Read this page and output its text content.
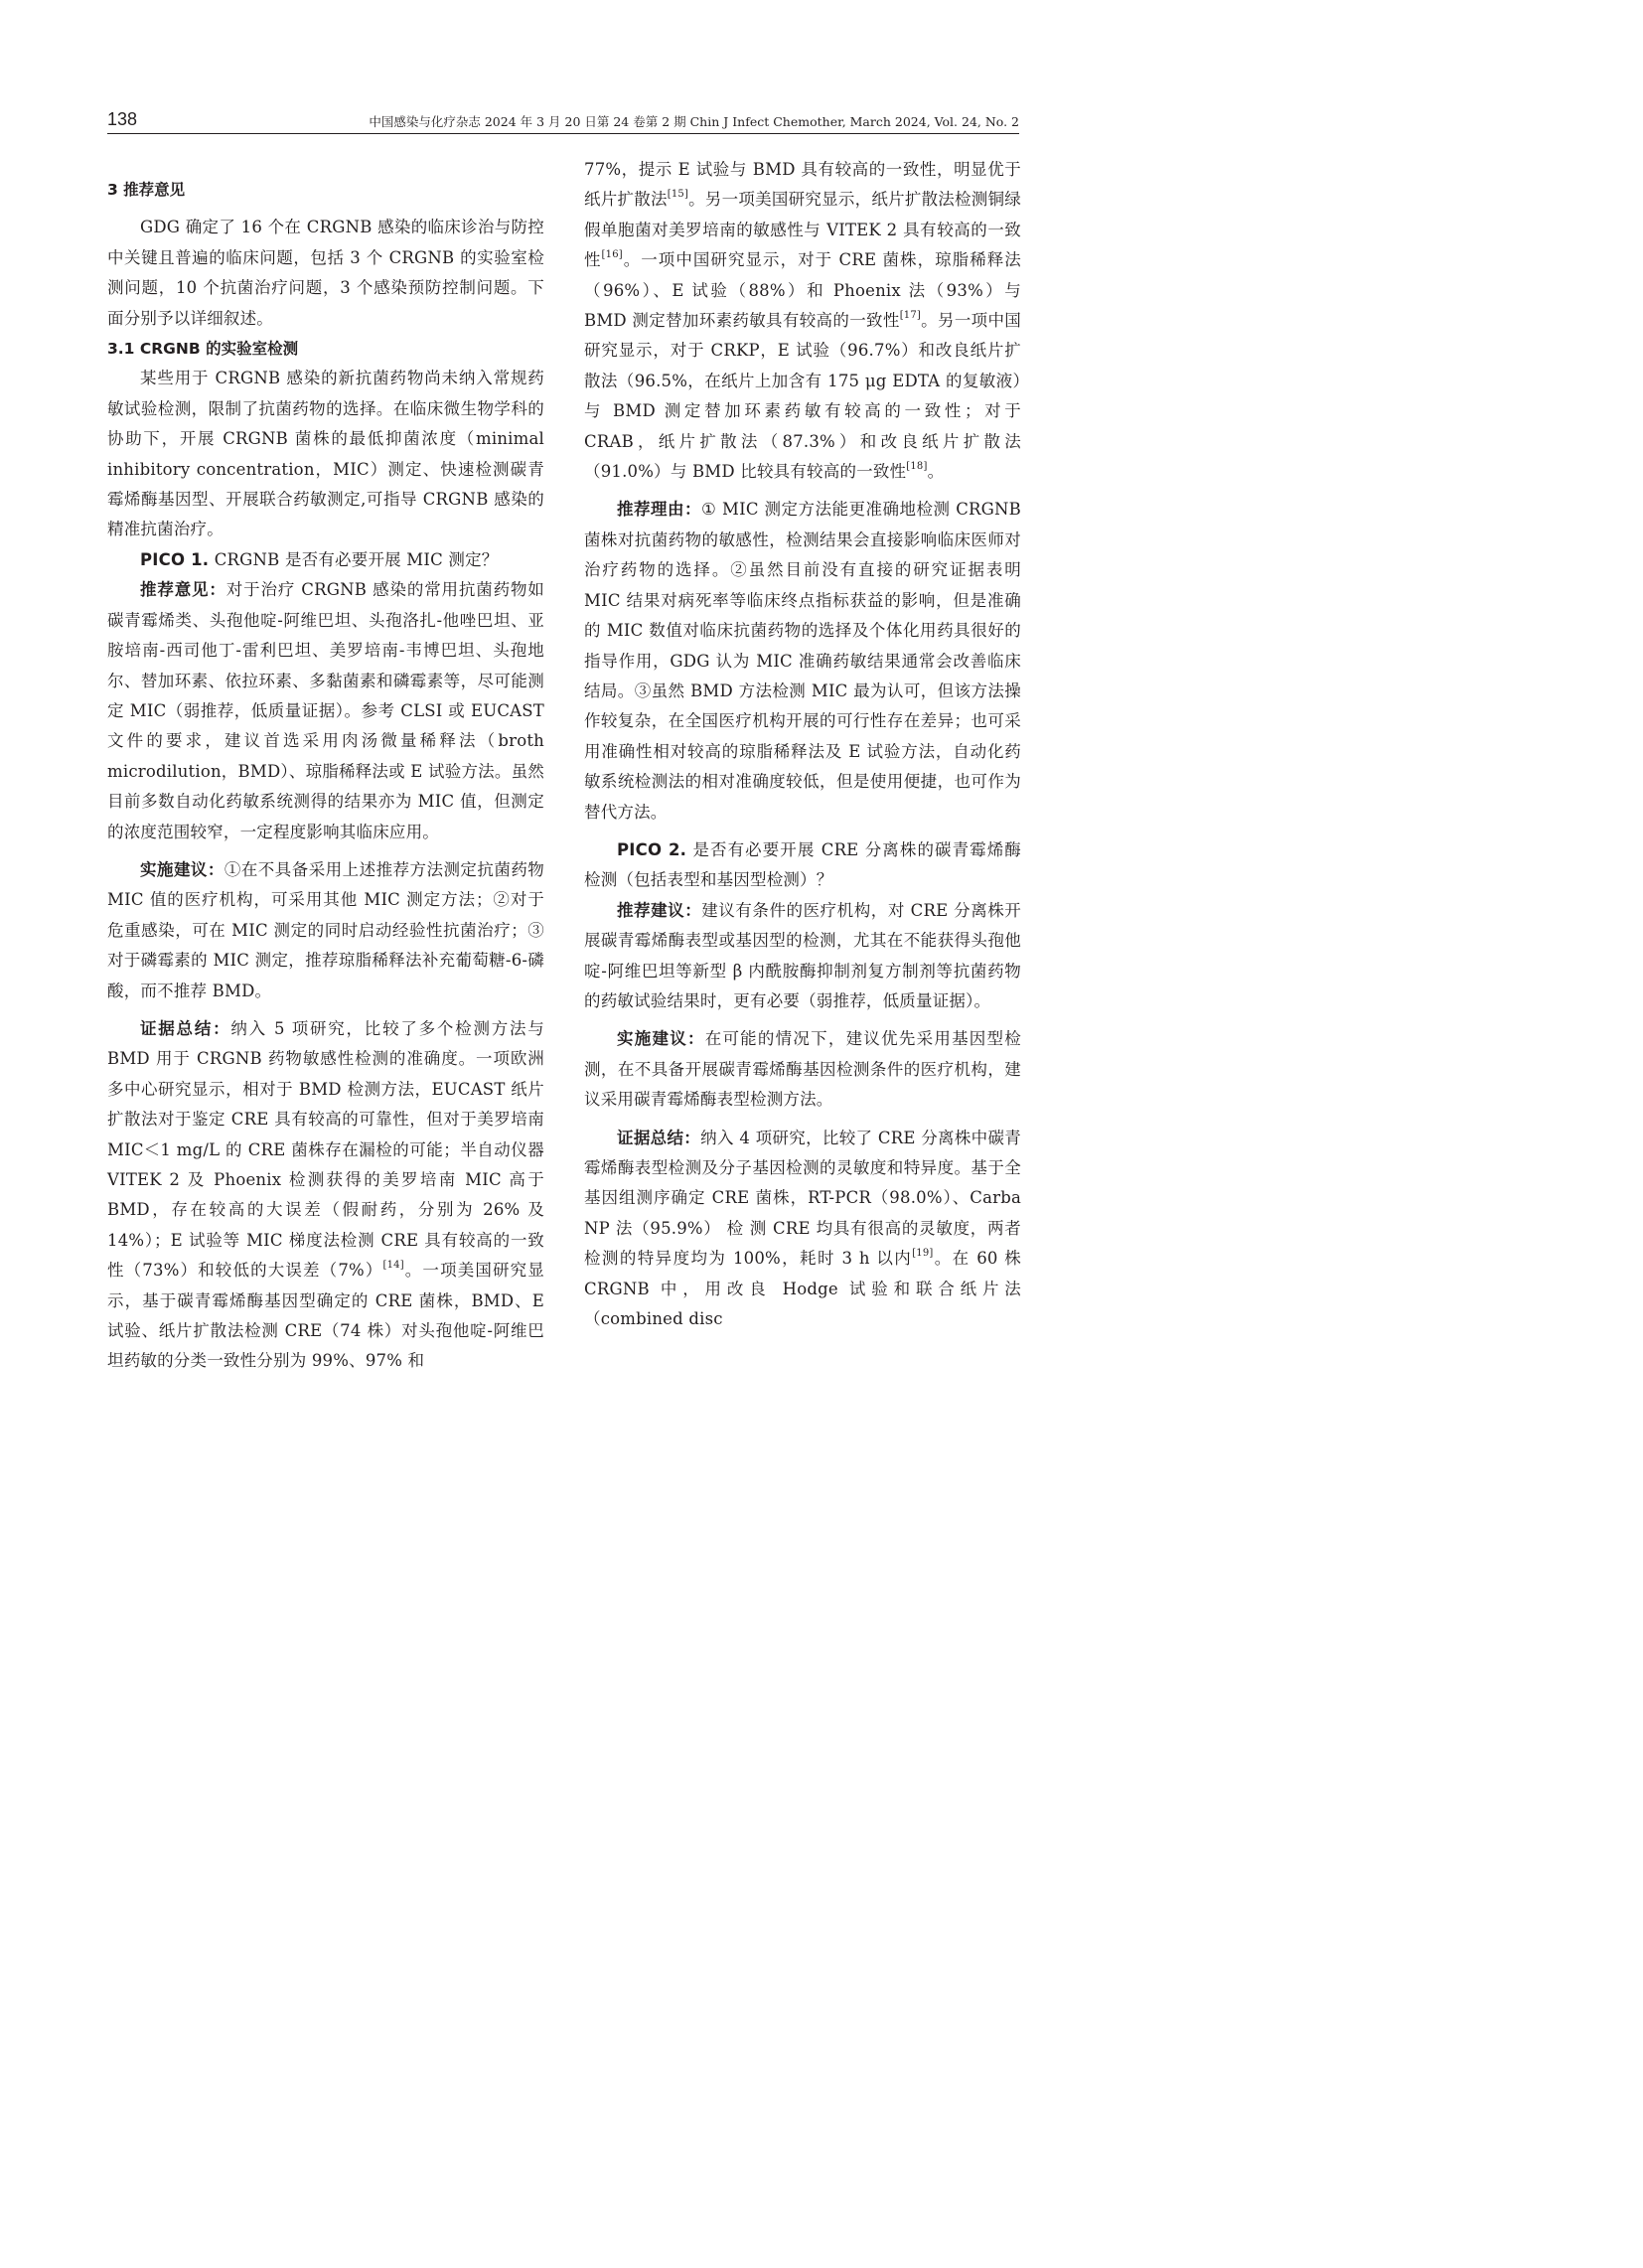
138	中国感染与化疗杂志 2024 年 3 月 20 日第 24 卷第 2 期 Chin J Infect Chemother, March 2024, Vol. 24, No. 2
3 推荐意见

GDG 确定了 16 个在 CRGNB 感染的临床诊治与防控中关键且普遍的临床问题，包括 3 个 CRGNB 的实验室检测问题，10 个抗菌治疗问题，3 个感染预防控制问题。下面分别予以详细叙述。

3.1 CRGNB 的实验室检测

某些用于 CRGNB 感染的新抗菌药物尚未纳入常规药敏试验检测，限制了抗菌药物的选择。在临床微生物学科的协助下，开展 CRGNB 菌株的最低抑菌浓度（minimal inhibitory concentration，MIC）测定、快速检测碳青霉烯酶基因型、开展联合药敏测定,可指导 CRGNB 感染的精准抗菌治疗。

PICO 1. CRGNB 是否有必要开展 MIC 测定？

推荐意见：对于治疗 CRGNB 感染的常用抗菌药物如碳青霉烯类、头孢他啶-阿维巴坦、头孢洛扎-他唑巴坦、亚胺培南-西司他丁-雷利巴坦、美罗培南-韦博巴坦、头孢地尔、替加环素、依拉环素、多黏菌素和磷霉素等，尽可能测定 MIC（弱推荐，低质量证据）。参考 CLSI 或 EUCAST 文件的要求，建议首选采用肉汤微量稀释法（broth microdilution，BMD）、琼脂稀释法或 E 试验方法。虽然目前多数自动化药敏系统测得的结果亦为 MIC 值，但测定的浓度范围较窄，一定程度影响其临床应用。

实施建议：①在不具备采用上述推荐方法测定抗菌药物 MIC 值的医疗机构，可采用其他 MIC 测定方法；②对于危重感染，可在 MIC 测定的同时启动经验性抗菌治疗；③对于磷霉素的 MIC 测定，推荐琼脂稀释法补充葡萄糖-6-磷酸，而不推荐 BMD。

证据总结：纳入 5 项研究，比较了多个检测方法与 BMD 用于 CRGNB 药物敏感性检测的准确度。一项欧洲多中心研究显示，相对于 BMD 检测方法，EUCAST 纸片扩散法对于鉴定 CRE 具有较高的可靠性，但对于美罗培南 MIC＜1 mg/L 的 CRE 菌株存在漏检的可能；半自动仪器 VITEK 2 及 Phoenix 检测获得的美罗培南 MIC 高于 BMD，存在较高的大误差（假耐药，分别为 26% 及 14%）；E 试验等 MIC 梯度法检测 CRE 具有较高的一致性（73%）和较低的大误差（7%）[14]。一项美国研究显示，基于碳青霉烯酶基因型确定的 CRE 菌株，BMD、E 试验、纸片扩散法检测 CRE（74 株）对头孢他啶-阿维巴坦药敏的分类一致性分别为 99%、97% 和

77%，提示 E 试验与 BMD 具有较高的一致性，明显优于纸片扩散法[15]。另一项美国研究显示，纸片扩散法检测铜绿假单胞菌对美罗培南的敏感性与 VITEK 2 具有较高的一致性[16]。一项中国研究显示，对于 CRE 菌株，琼脂稀释法（96%）、E 试验（88%）和 Phoenix 法（93%）与 BMD 测定替加环素药敏具有较高的一致性[17]。另一项中国研究显示，对于 CRKP，E 试验（96.7%）和改良纸片扩散法（96.5%，在纸片上加含有 175 μg EDTA 的复敏液）与 BMD 测定替加环素药敏有较高的一致性；对于 CRAB，纸片扩散法（87.3%）和改良纸片扩散法（91.0%）与 BMD 比较具有较高的一致性[18]。

推荐理由：① MIC 测定方法能更准确地检测 CRGNB 菌株对抗菌药物的敏感性，检测结果会直接影响临床医师对治疗药物的选择。②虽然目前没有直接的研究证据表明 MIC 结果对病死率等临床终点指标获益的影响，但是准确的 MIC 数值对临床抗菌药物的选择及个体化用药具很好的指导作用，GDG 认为 MIC 准确药敏结果通常会改善临床结局。③虽然 BMD 方法检测 MIC 最为认可，但该方法操作较复杂，在全国医疗机构开展的可行性存在差异；也可采用准确性相对较高的琼脂稀释法及 E 试验方法，自动化药敏系统检测法的相对准确度较低，但是使用便捷，也可作为替代方法。

PICO 2. 是否有必要开展 CRE 分离株的碳青霉烯酶检测（包括表型和基因型检测）？

推荐建议：建议有条件的医疗机构，对 CRE 分离株开展碳青霉烯酶表型或基因型的检测，尤其在不能获得头孢他啶-阿维巴坦等新型 β 内酰胺酶抑制剂复方制剂等抗菌药物的药敏试验结果时，更有必要（弱推荐，低质量证据）。

实施建议：在可能的情况下，建议优先采用基因型检测，在不具备开展碳青霉烯酶基因检测条件的医疗机构，建议采用碳青霉烯酶表型检测方法。

证据总结：纳入 4 项研究，比较了 CRE 分离株中碳青霉烯酶表型检测及分子基因检测的灵敏度和特异度。基于全基因组测序确定 CRE 菌株，RT-PCR（98.0%）、Carba NP 法（95.9%） 检 测 CRE 均具有很高的灵敏度，两者检测的特异度均为 100%，耗时 3 h 以内[19]。在 60 株 CRGNB 中，用改良 Hodge 试验和联合纸片法（combined disc
